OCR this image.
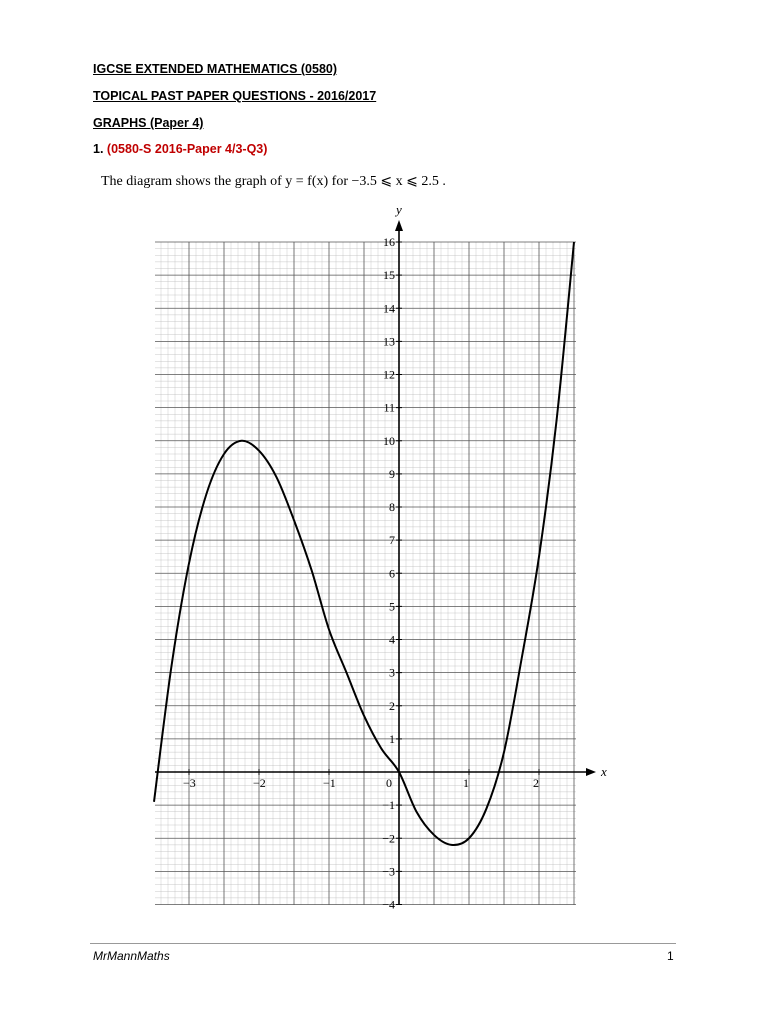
IGCSE EXTENDED MATHEMATICS (0580)
TOPICAL PAST PAPER QUESTIONS - 2016/2017
GRAPHS (Paper 4)
1. (0580-S 2016-Paper 4/3-Q3)
The diagram shows the graph of y = f(x) for −3.5 ⩽ x ⩽ 2.5 .
x
y
−3	−2	−1	0	1	2
−4
−3
−2
−1
1
2
3
4
5
6
7
8
9
10
11
12
13
14
15
16
MrMannMaths	1
